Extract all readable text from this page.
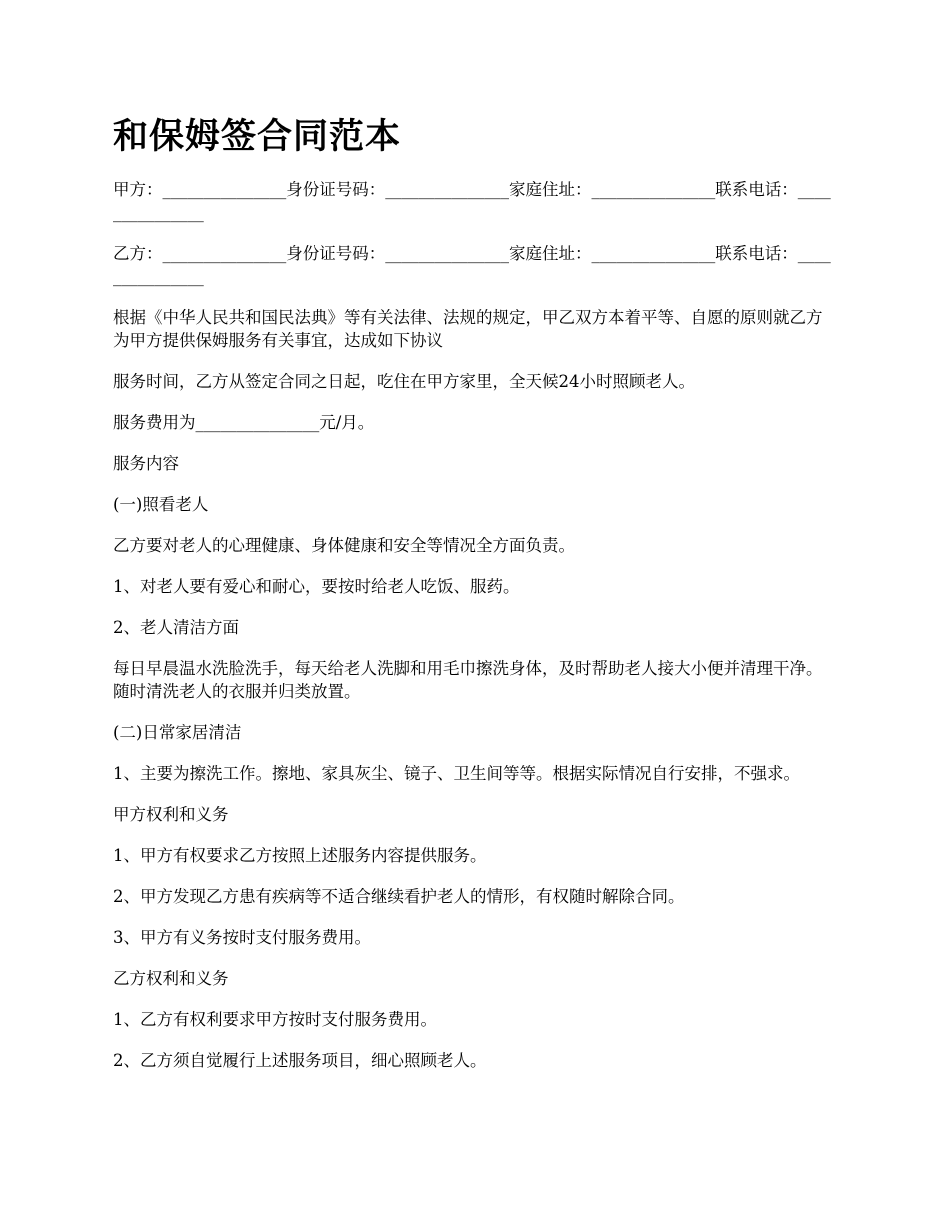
和保姆签合同范本

甲方：_______________身份证号码：_______________家庭住址：_______________联系电话：_______________

乙方：_______________身份证号码：_______________家庭住址：_______________联系电话：_______________

根据《中华人民共和国民法典》等有关法律、法规的规定，甲乙双方本着平等、自愿的原则就乙方为甲方提供保姆服务有关事宜，达成如下协议

服务时间，乙方从签定合同之日起，吃住在甲方家里，全天候24小时照顾老人。

服务费用为_______________元/月。

服务内容

(一)照看老人

乙方要对老人的心理健康、身体健康和安全等情况全方面负责。

1、对老人要有爱心和耐心，要按时给老人吃饭、服药。

2、老人清洁方面

每日早晨温水洗脸洗手，每天给老人洗脚和用毛巾擦洗身体，及时帮助老人接大小便并清理干净。随时清洗老人的衣服并归类放置。

(二)日常家居清洁

1、主要为擦洗工作。擦地、家具灰尘、镜子、卫生间等等。根据实际情况自行安排，不强求。

甲方权利和义务

1、甲方有权要求乙方按照上述服务内容提供服务。

2、甲方发现乙方患有疾病等不适合继续看护老人的情形，有权随时解除合同。

3、甲方有义务按时支付服务费用。

乙方权利和义务

1、乙方有权利要求甲方按时支付服务费用。

2、乙方须自觉履行上述服务项目，细心照顾老人。
